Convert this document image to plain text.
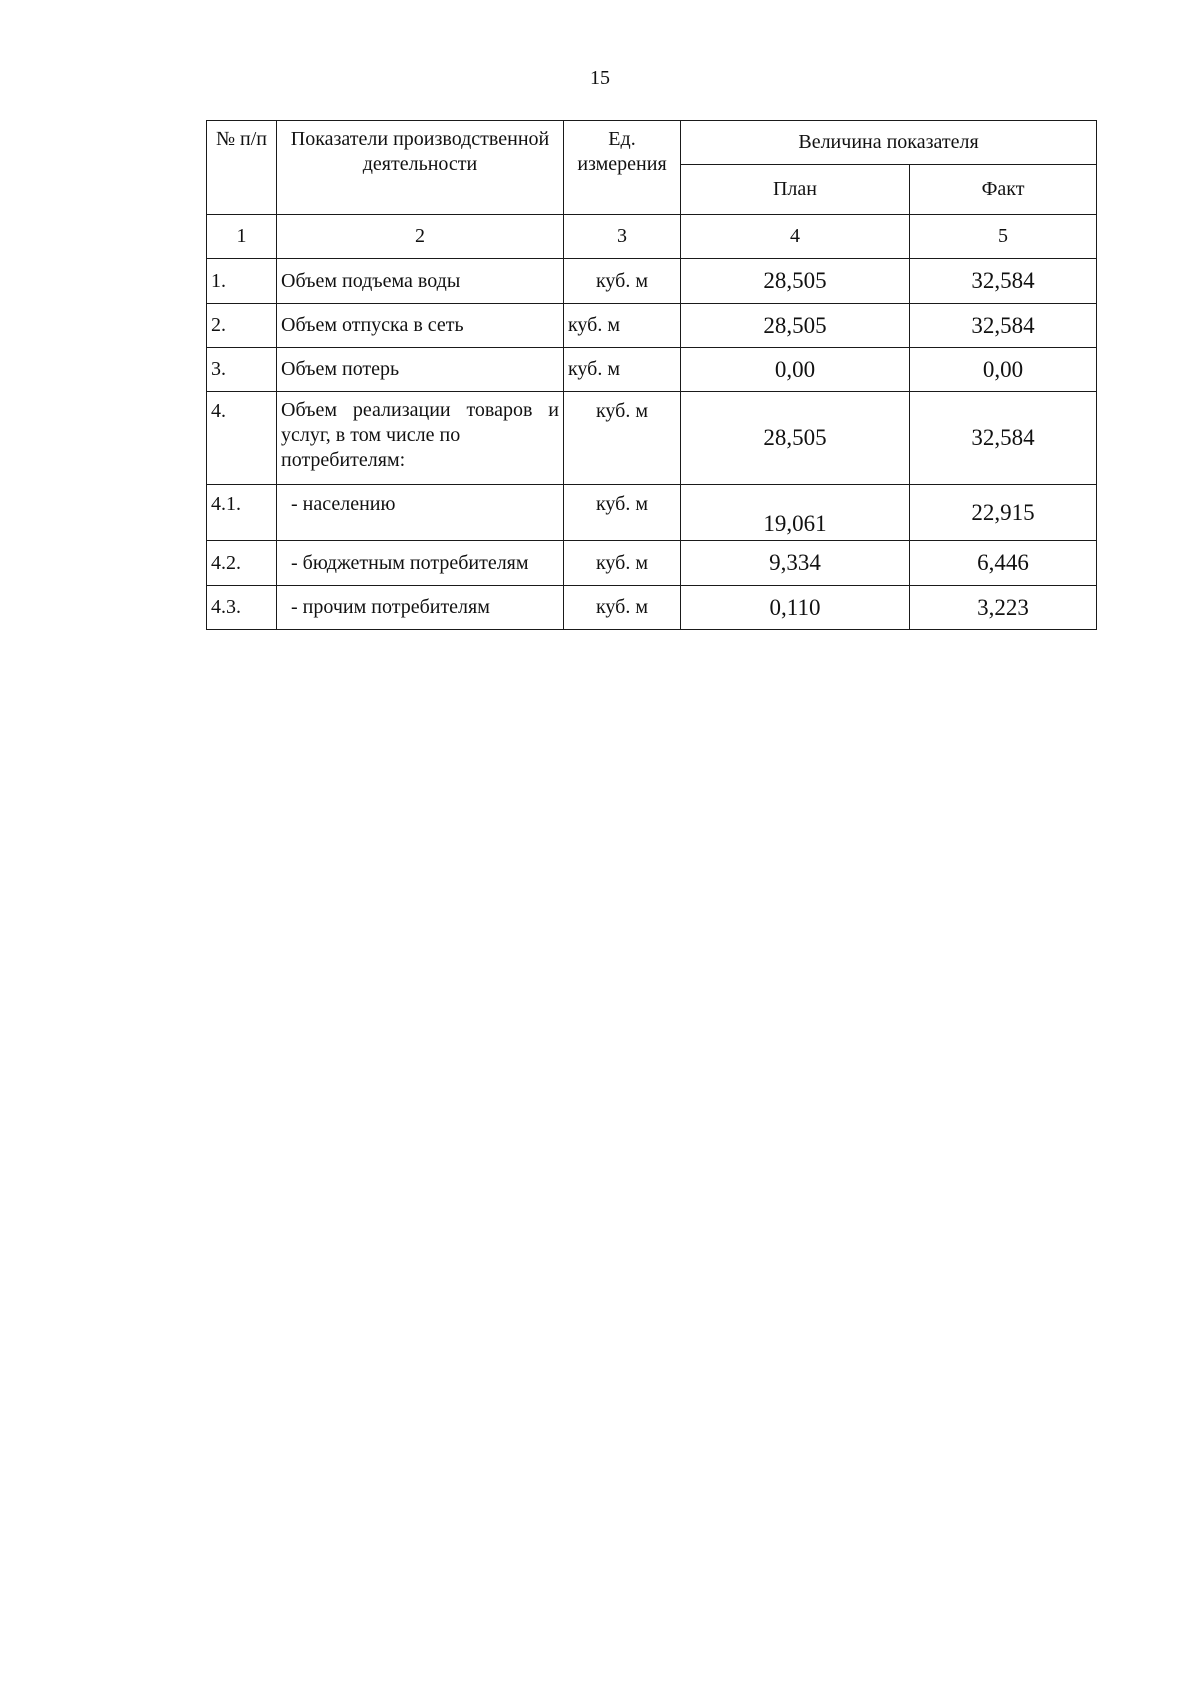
15
№ п/п	Показатели производственной деятельности	Ед. измерения	Величина показателя	
			План	Факт
1	2	3	4	5
1.	Объем подъема воды	куб. м	28,505	32,584
2.	Объем отпуска в сеть	куб. м	28,505	32,584
3.	Объем потерь	куб. м	0,00	0,00
4.	Объем реализации товаров и
услуг, в том числе по
потребителям:	куб. м	28,505	32,584
4.1.	- населению	куб. м	19,061	22,915
4.2.	- бюджетным потребителям	куб. м	9,334	6,446
4.3.	- прочим потребителям	куб. м	0,110	3,223
